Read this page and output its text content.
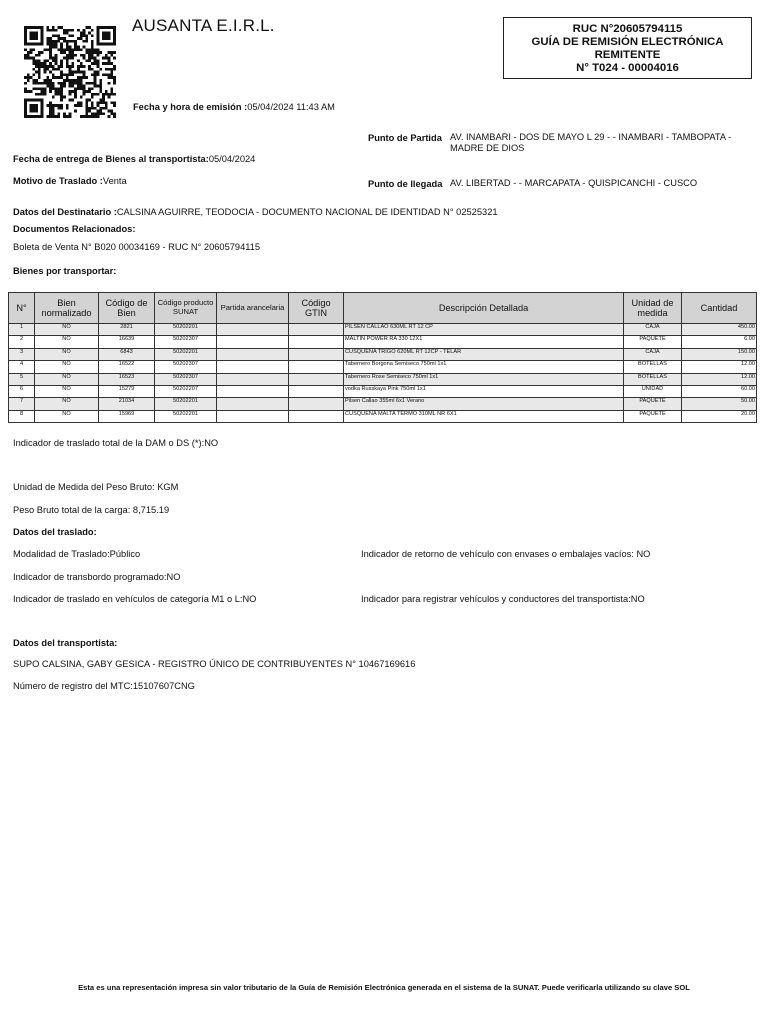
AUSANTA E.I.R.L.	RUC N°20605794115
GUÍA DE REMISIÓN ELECTRÓNICA
REMITENTE
N° T024 - 00004016
Fecha y hora de emisión :05/04/2024 11:43 AM
Punto de Partida AV. INAMBARI - DOS DE MAYO L 29 - - INAMBARI - TAMBOPATA -
MADRE DE DIOS
Fecha de entrega de Bienes al transportista:05/04/2024
Motivo de Traslado :Venta	Punto de llegada AV. LIBERTAD - - MARCAPATA - QUISPICANCHI - CUSCO
Datos del Destinatario :CALSINA AGUIRRE, TEODOCIA - DOCUMENTO NACIONAL DE IDENTIDAD N° 02525321
Documentos Relacionados:
Boleta de Venta N° B020 00034169 - RUC N° 20605794115
Bienes por transportar:
N°	Bien normalizado	Código de Bien	Código producto SUNAT	Partida arancelaria	Código GTIN	Descripción Detallada	Unidad de medida	Cantidad
1	NO	2821	50202201			PILSEN CALLAO 630ML RT 12 CP	CAJA	450.00
2	NO	16639	50202307			MALTIN POWER RA 330 12X1	PAQUETE	6.00
3	NO	6843	50202201			CUSQUEÑA TRIGO 620ML RT 12CP - TELAR	CAJA	150.00
4	NO	16522	50202307			Tabernero Borgona Semiseco 750ml 1x1	BOTELLAS	12.00
5	NO	16523	50202307			Tabernero Rose Semiseco 750ml 1x1	BOTELLAS	12.00
6	NO	15279	50202207			vodka Russkaya Pink 750ml 1x1	UNIDAD	60.00
7	NO	21034	50202201			Pilsen Callao 355ml 6x1 Verano	PAQUETE	50.00
8	NO	15969	50202201			CUSQUEÑA MALTA TERMO 310ML NR 6X1	PAQUETE	20.00
Indicador de traslado total de la DAM o DS (*):NO
Unidad de Medida del Peso Bruto: KGM
Peso Bruto total de la carga: 8,715.19
Datos del traslado:
Modalidad de Traslado:Público	Indicador de retorno de vehículo con envases o embalajes vacíos: NO
Indicador de transbordo programado:NO
Indicador de traslado en vehículos de categoría M1 o L:NO	Indicador para registrar vehículos y conductores del transportista:NO
Datos del transportista:
SUPO CALSINA, GABY GESICA - REGISTRO ÚNICO DE CONTRIBUYENTES N° 10467169616
Número de registro del MTC:15107607CNG
Esta es una representación impresa sin valor tributario de la Guía de Remisión Electrónica generada en el sistema de la SUNAT. Puede verificarla utilizando su clave SOL
